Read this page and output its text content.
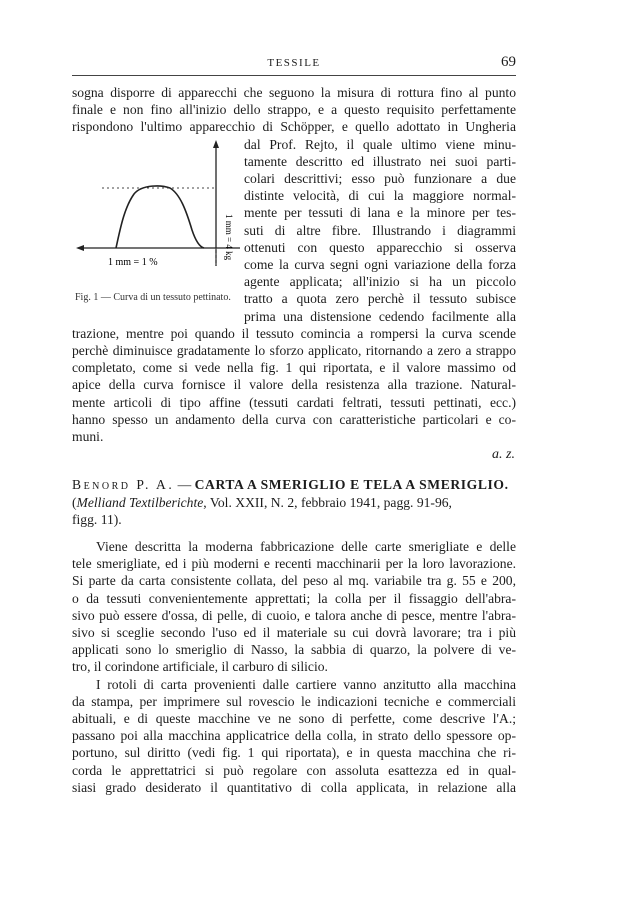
TESSILE	69
sogna disporre di apparecchi che seguono la misura di rottura fino al punto
finale e non fino all'inizio dello strappo, e a questo requisito perfettamente
rispondono l'ultimo apparecchio di Schöpper, e quello adottato in Ungheria
1 mm = 4 kg
1 mm = 1 %
Fig. 1 — Curva di un tessuto pettinato.
dal Prof. Rejto, il quale ultimo viene minu-
tamente descritto ed illustrato nei suoi parti-
colari descrittivi; esso può funzionare a due
distinte velocità, di cui la maggiore normal-
mente per tessuti di lana e la minore per tes-
suti di altre fibre. Illustrando i diagrammi
ottenuti con questo apparecchio si osserva
come la curva segni ogni variazione della forza
agente applicata; all'inizio si ha un piccolo
tratto a quota zero perchè il tessuto subisce
prima una distensione cedendo facilmente alla
trazione, mentre poi quando il tessuto comincia a rompersi la curva scende
perchè diminuisce gradatamente lo sforzo applicato, ritornando a zero a strappo
completato, come si vede nella fig. 1 qui riportata, e il valore massimo od
apice della curva fornisce il valore della resistenza alla trazione. Natural-
mente articoli di tipo affine (tessuti cardati feltrati, tessuti pettinati, ecc.)
hanno spesso un andamento della curva con caratteristiche particolari e co-
muni.
a. z.
Benord P. A. — CARTA A SMERIGLIO E TELA A SMERIGLIO.
(Melliand Textilberichte, Vol. XXII, N. 2, febbraio 1941, pagg. 91-96,
figg. 11).
Viene descritta la moderna fabbricazione delle carte smerigliate e delle
tele smerigliate, ed i più moderni e recenti macchinarii per la loro lavorazione.
Si parte da carta consistente collata, del peso al mq. variabile tra g. 55 e 200,
o da tessuti convenientemente apprettati; la colla per il fissaggio dell'abra-
sivo può essere d'ossa, di pelle, di cuoio, e talora anche di pesce, mentre l'abra-
sivo si sceglie secondo l'uso ed il materiale su cui dovrà lavorare; tra i più
applicati sono lo smeriglio di Nasso, la sabbia di quarzo, la polvere di ve-
tro, il corindone artificiale, il carburo di silicio.
I rotoli di carta provenienti dalle cartiere vanno anzitutto alla macchina
da stampa, per imprimere sul rovescio le indicazioni tecniche e commerciali
abituali, e di queste macchine ve ne sono di perfette, come descrive l'A.;
passano poi alla macchina applicatrice della colla, in strato dello spessore op-
portuno, sul diritto (vedi fig. 1 qui riportata), e in questa macchina che ri-
corda le apprettatrici si può regolare con assoluta esattezza ed in qual-
siasi grado desiderato il quantitativo di colla applicata, in relazione alla
